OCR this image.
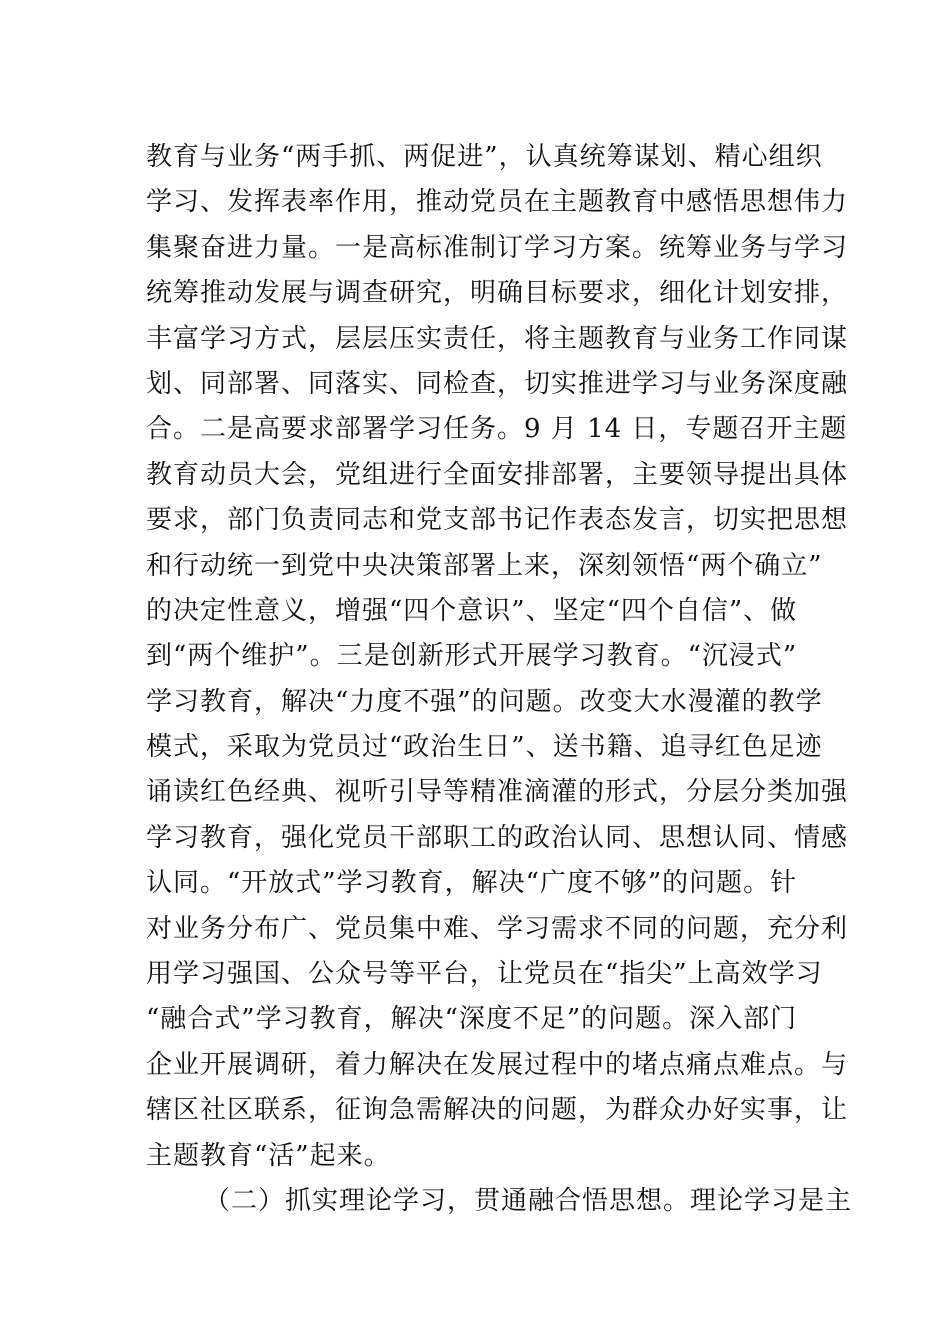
教育与业务“两手抓、两促进”，认真统筹谋划、精心组织
学习、发挥表率作用，推动党员在主题教育中感悟思想伟力
集聚奋进力量。一是高标准制订学习方案。统筹业务与学习
统筹推动发展与调查研究，明确目标要求，细化计划安排，
丰富学习方式，层层压实责任，将主题教育与业务工作同谋
划、同部署、同落实、同检查，切实推进学习与业务深度融
合。二是高要求部署学习任务。9 月 14 日，专题召开主题
教育动员大会，党组进行全面安排部署，主要领导提出具体
要求，部门负责同志和党支部书记作表态发言，切实把思想
和行动统一到党中央决策部署上来，深刻领悟“两个确立”
的决定性意义，增强“四个意识”、坚定“四个自信”、做
到“两个维护”。三是创新形式开展学习教育。“沉浸式”
学习教育，解决“力度不强”的问题。改变大水漫灌的教学
模式，采取为党员过“政治生日”、送书籍、追寻红色足迹
诵读红色经典、视听引导等精准滴灌的形式，分层分类加强
学习教育，强化党员干部职工的政治认同、思想认同、情感
认同。“开放式”学习教育，解决“广度不够”的问题。针
对业务分布广、党员集中难、学习需求不同的问题，充分利
用学习强国、公众号等平台，让党员在“指尖”上高效学习
“融合式”学习教育，解决“深度不足”的问题。深入部门
企业开展调研，着力解决在发展过程中的堵点痛点难点。与
辖区社区联系，征询急需解决的问题，为群众办好实事，让
主题教育“活”起来。
（二）抓实理论学习，贯通融合悟思想。理论学习是主
